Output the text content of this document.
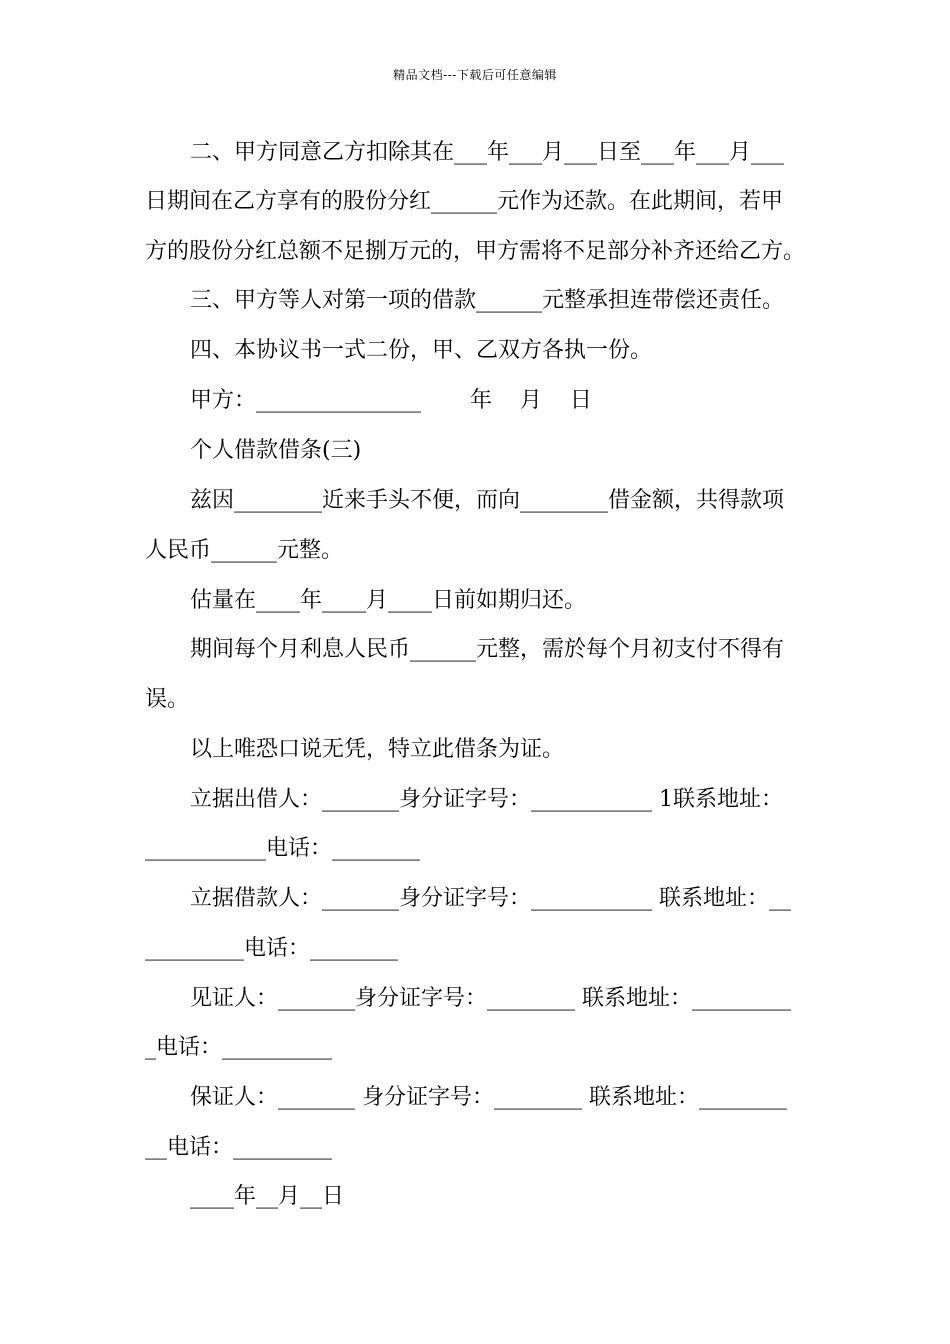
精品文档---下载后可任意编辑
二、甲方同意乙方扣除其在___年___月___日至___年___月___
日期间在乙方享有的股份分红______元作为还款。在此期间，若甲
方的股份分红总额不足捌万元的，甲方需将不足部分补齐还给乙方。
三、甲方等人对第一项的借款______元整承担连带偿还责任。
四、本协议书一式二份，甲、乙双方各执一份。
甲方：_______________       年    月    日
个人借款借条(三)
兹因________近来手头不便，而向________借金额，共得款项
人民币______元整。
估量在____年____月____日前如期归还。
期间每个月利息人民币______元整，需於每个月初支付不得有
误。
以上唯恐口说无凭，特立此借条为证。
立据出借人：_______身分证字号：___________ 1联系地址：
___________电话：________
立据借款人：_______身分证字号：___________ 联系地址：__
_________电话：________
见证人：_______身分证字号：________ 联系地址：_________
_电话：__________
保证人：_______ 身分证字号：________ 联系地址：________
__电话：_________
____年__月__日
